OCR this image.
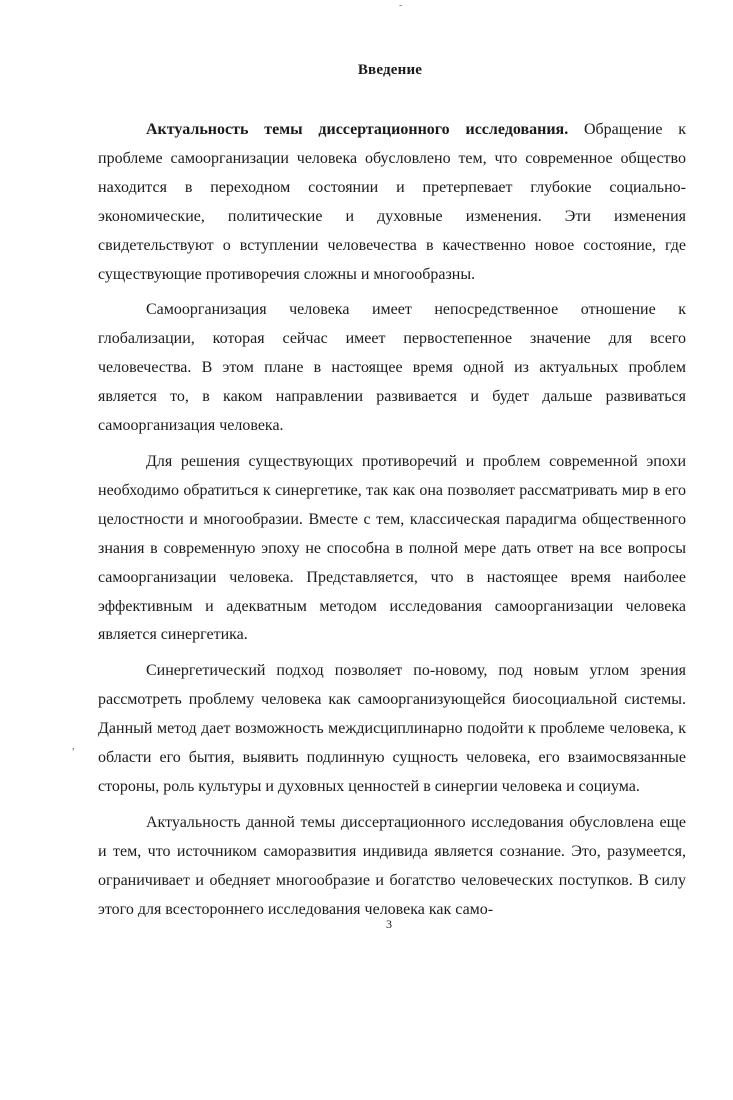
˜
,
Введение

Актуальность темы диссертационного исследования. Обращение к проблеме самоорганизации человека обусловлено тем, что современное общество находится в переходном состоянии и претерпевает глубокие социально-экономические, политические и духовные изменения. Эти изменения свидетельствуют о вступлении человечества в качественно новое состояние, где существующие противоречия сложны и многообразны.

Самоорганизация человека имеет непосредственное отношение к глобализации, которая сейчас имеет первостепенное значение для всего человечества. В этом плане в настоящее время одной из актуальных проблем является то, в каком направлении развивается и будет дальше развиваться самоорганизация человека.

Для решения существующих противоречий и проблем современной эпохи необходимо обратиться к синергетике, так как она позволяет рассматривать мир в его целостности и многообразии. Вместе с тем, классическая парадигма общественного знания в современную эпоху не способна в полной мере дать ответ на все вопросы самоорганизации человека. Представляется, что в настоящее время наиболее эффективным и адекватным методом исследования самоорганизации человека является синергетика.

Синергетический подход позволяет по-новому, под новым углом зрения рассмотреть проблему человека как самоорганизующейся биосоциальной системы. Данный метод дает возможность междисциплинарно подойти к проблеме человека, к области его бытия, выявить подлинную сущность человека, его взаимосвязанные стороны, роль культуры и духовных ценностей в синергии человека и социума.

Актуальность данной темы диссертационного исследования обусловлена еще и тем, что источником саморазвития индивида является сознание. Это, разумеется, ограничивает и обедняет многообразие и богатство человеческих поступков. В силу этого для всестороннего исследования человека как само-

3
